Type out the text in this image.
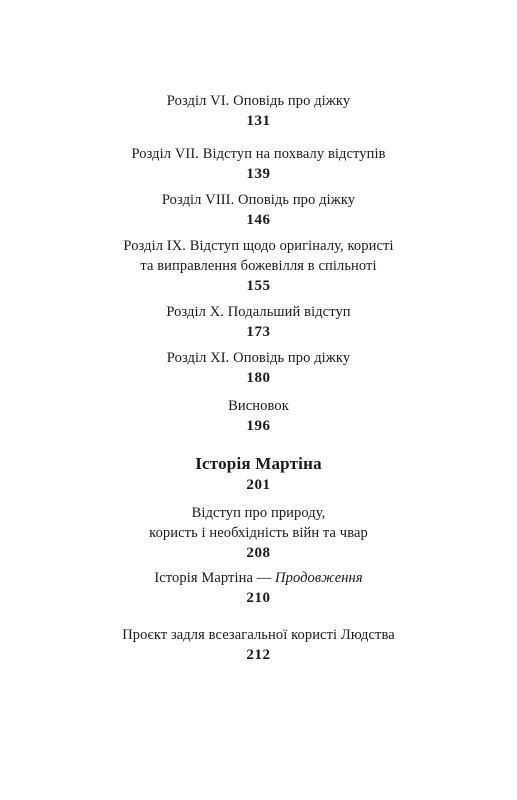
Розділ VI. Оповідь про діжку
131
Розділ VII. Відступ на похвалу відступів
139
Розділ VIII. Оповідь про діжку
146
Розділ IX. Відступ щодо оригіналу, користі
та виправлення божевілля в спільноті
155
Розділ X. Подальший відступ
173
Розділ XI. Оповідь про діжку
180
Висновок
196
Історія Мартіна
201
Відступ про природу,
користь і необхідність війн та чвар
208
Історія Мартіна — Продовження
210
Проєкт задля всезагальної користі Людства
212
